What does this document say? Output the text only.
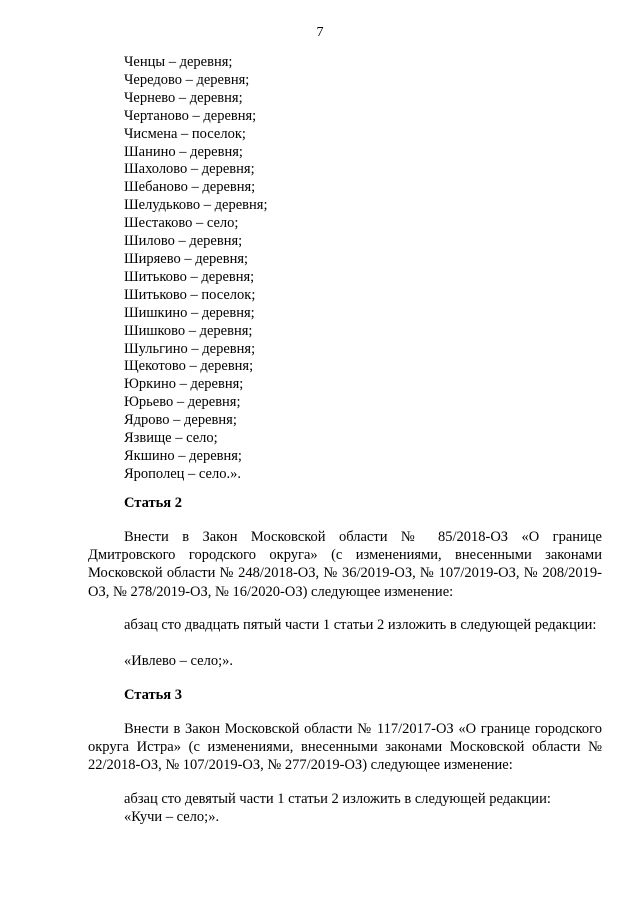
7
Ченцы – деревня;
Чередово – деревня;
Чернево – деревня;
Чертаново – деревня;
Чисмена – поселок;
Шанино – деревня;
Шахолово – деревня;
Шебаново – деревня;
Шелудьково – деревня;
Шестаково – село;
Шилово – деревня;
Ширяево – деревня;
Шитьково – деревня;
Шитьково – поселок;
Шишкино – деревня;
Шишково – деревня;
Шульгино – деревня;
Щекотово – деревня;
Юркино – деревня;
Юрьево – деревня;
Ядрово – деревня;
Язвище – село;
Якшино – деревня;
Ярополец – село.».
Статья 2

Внести в Закон Московской области № 85/2018-ОЗ «О границе Дмитровского городского округа» (с изменениями, внесенными законами Московской области № 248/2018-ОЗ, № 36/2019-ОЗ, № 107/2019-ОЗ, № 208/2019-ОЗ, № 278/2019-ОЗ, № 16/2020-ОЗ) следующее изменение:

абзац сто двадцать пятый части 1 статьи 2 изложить в следующей редакции:

«Ивлево – село;».

Статья 3

Внести в Закон Московской области № 117/2017-ОЗ «О границе городского округа Истра» (с изменениями, внесенными законами Московской области № 22/2018-ОЗ, № 107/2019-ОЗ, № 277/2019-ОЗ) следующее изменение:

абзац сто девятый части 1 статьи 2 изложить в следующей редакции:

«Кучи – село;».
